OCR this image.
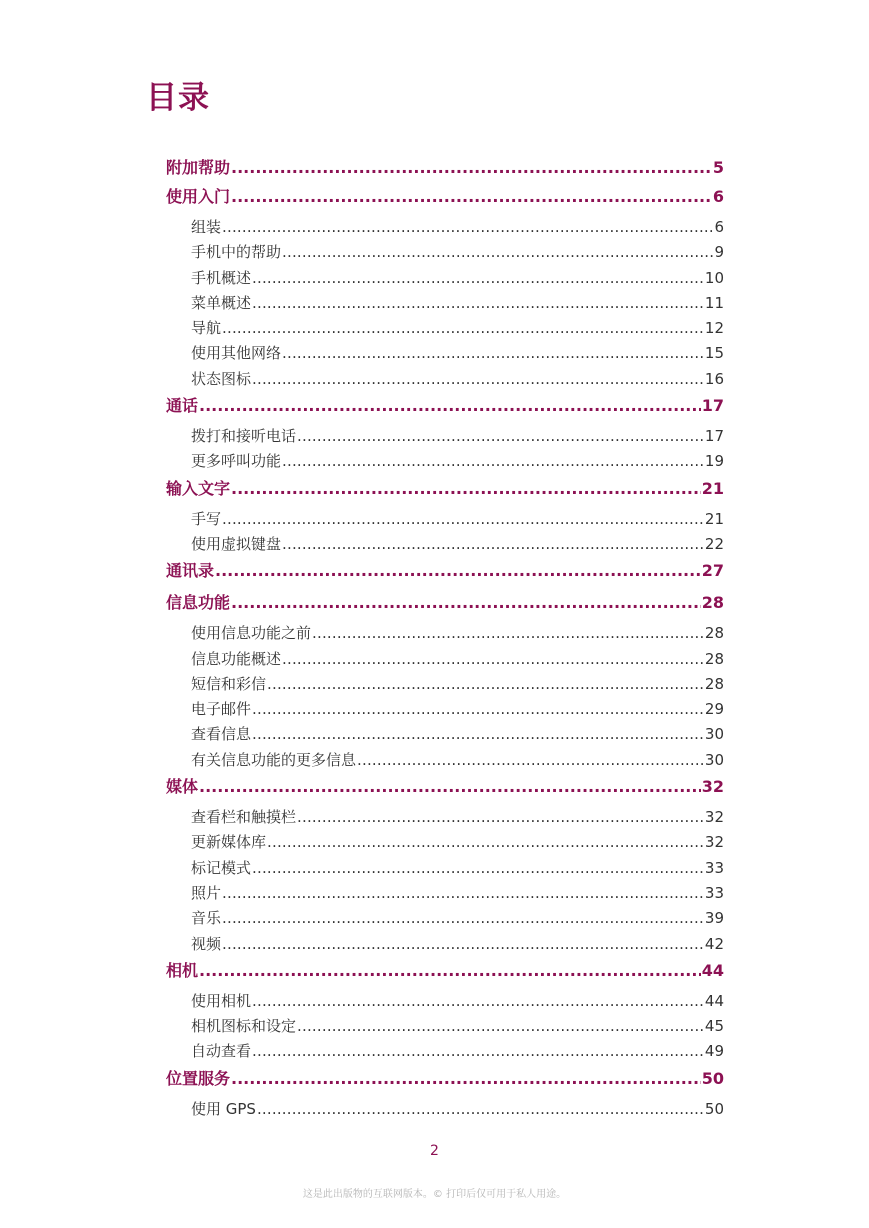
目录
附加帮助 .....	5
使用入门 .....	6
组装 .....	6
手机中的帮助 .....	9
手机概述 .....	10
菜单概述 .....	11
导航 .....	12
使用其他网络 .....	15
状态图标 .....	16
通话 .....	17
拨打和接听电话 .....	17
更多呼叫功能 .....	19
输入文字 .....	21
手写 .....	21
使用虚拟键盘 .....	22
通讯录 .....	27
信息功能 .....	28
使用信息功能之前 .....	28
信息功能概述 .....	28
短信和彩信 .....	28
电子邮件 .....	29
查看信息 .....	30
有关信息功能的更多信息 .....	30
媒体 .....	32
查看栏和触摸栏 .....	32
更新媒体库 .....	32
标记模式 .....	33
照片 .....	33
音乐 .....	39
视频 .....	42
相机 .....	44
使用相机 .....	44
相机图标和设定 .....	45
自动查看 .....	49
位置服务 .....	50
使用 GPS .....	50
2
这是此出版物的互联网版本。© 打印后仅可用于私人用途。
